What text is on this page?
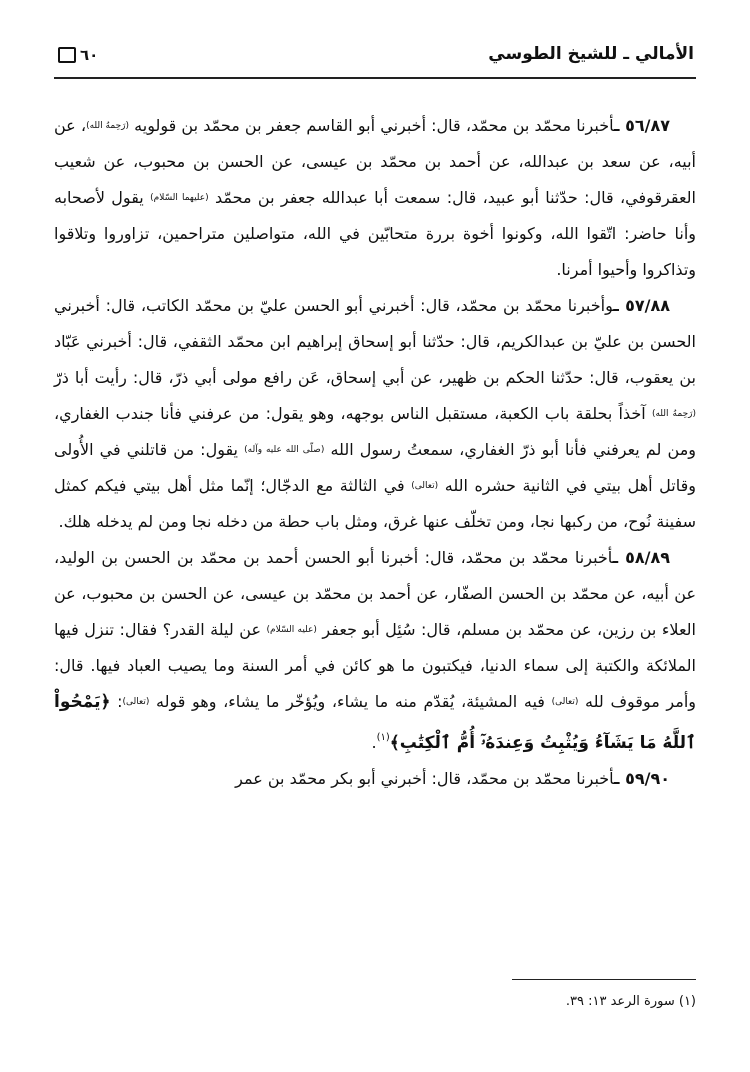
٦٠	الأمالي ـ للشيخ الطوسي

٥٦/٨٧ ـأخبرنا محمّد بن محمّد، قال: أخبرني أبو القاسم جعفر بن محمّد بن قولويه (رَحِمهُ الله)، عن أبيه، عن سعد بن عبدالله، عن أحمد بن محمّد بن عيسى، عن الحسن بن محبوب، عن شعيب العقرقوفي، قال: حدّثنا أبو عبيد، قال: سمعت أبا عبدالله جعفر بن محمّد (عليهما السّلام) يقول لأصحابه وأنا حاضر: اتّقوا الله، وكونوا أخوة بررة متحابّين في الله، متواصلين متراحمين، تزاوروا وتلاقوا وتذاكروا وأحيوا أمرنا.

٥٧/٨٨ ـوأخبرنا محمّد بن محمّد، قال: أخبرني أبو الحسن عليّ بن محمّد الكاتب، قال: أخبرني الحسن بن عليّ بن عبدالكريم، قال: حدّثنا أبو إسحاق إبراهيم ابن محمّد الثقفي، قال: أخبرني عَبّاد بن يعقوب، قال: حدّثنا الحكم بن ظهير، عن أبي إسحاق، عَن رافع مولى أبي ذرّ، قال: رأيت أبا ذرّ (رَحِمهُ الله) آخذاً بحلقة باب الكعبة، مستقبل الناس بوجهه، وهو يقول: من عرفني فأنا جندب الغفاري، ومن لم يعرفني فأنا أبو ذرّ الغفاري، سمعتُ رسول الله (صلّى الله عليه وآله) يقول: من قاتلني في الأُولى وقاتل أهل بيتي في الثانية حشره الله (تعالى) في الثالثة مع الدجّال؛ إنّما مثل أهل بيتي فيكم كمثل سفينة نُوح، من ركبها نجا، ومن تخلّف عنها غرق، ومثل باب حطة من دخله نجا ومن لم يدخله هلك.

٥٨/٨٩ ـأخبرنا محمّد بن محمّد، قال: أخبرنا أبو الحسن أحمد بن محمّد بن الحسن بن الوليد، عن أبيه، عن محمّد بن الحسن الصفّار، عن أحمد بن محمّد بن عيسى، عن الحسن بن محبوب، عن العلاء بن رزين، عن محمّد بن مسلم، قال: سُئِل أبو جعفر (عليه السّلام) عن ليلة القدر؟ فقال: تنزل فيها الملائكة والكتبة إلى سماء الدنيا، فيكتبون ما هو كائن في أمر السنة وما يصيب العباد فيها. قال: وأمر موقوف لله (تعالى) فيه المشيئة، يُقدّم منه ما يشاء، ويُؤخّر ما يشاء، وهو قوله (تعالى): ﴿يَمْحُواْ ٱللَّهُ مَا يَشَآءُ وَيُثْبِتُ وَعِندَهُۥٓ أُمُّ ٱلْكِتَٰبِ﴾$^{(١)}$.

٥٩/٩٠ ـأخبرنا محمّد بن محمّد، قال: أخبرني أبو بكر محمّد بن عمر

(١) سورة الرعد ١٣: ٣٩.
